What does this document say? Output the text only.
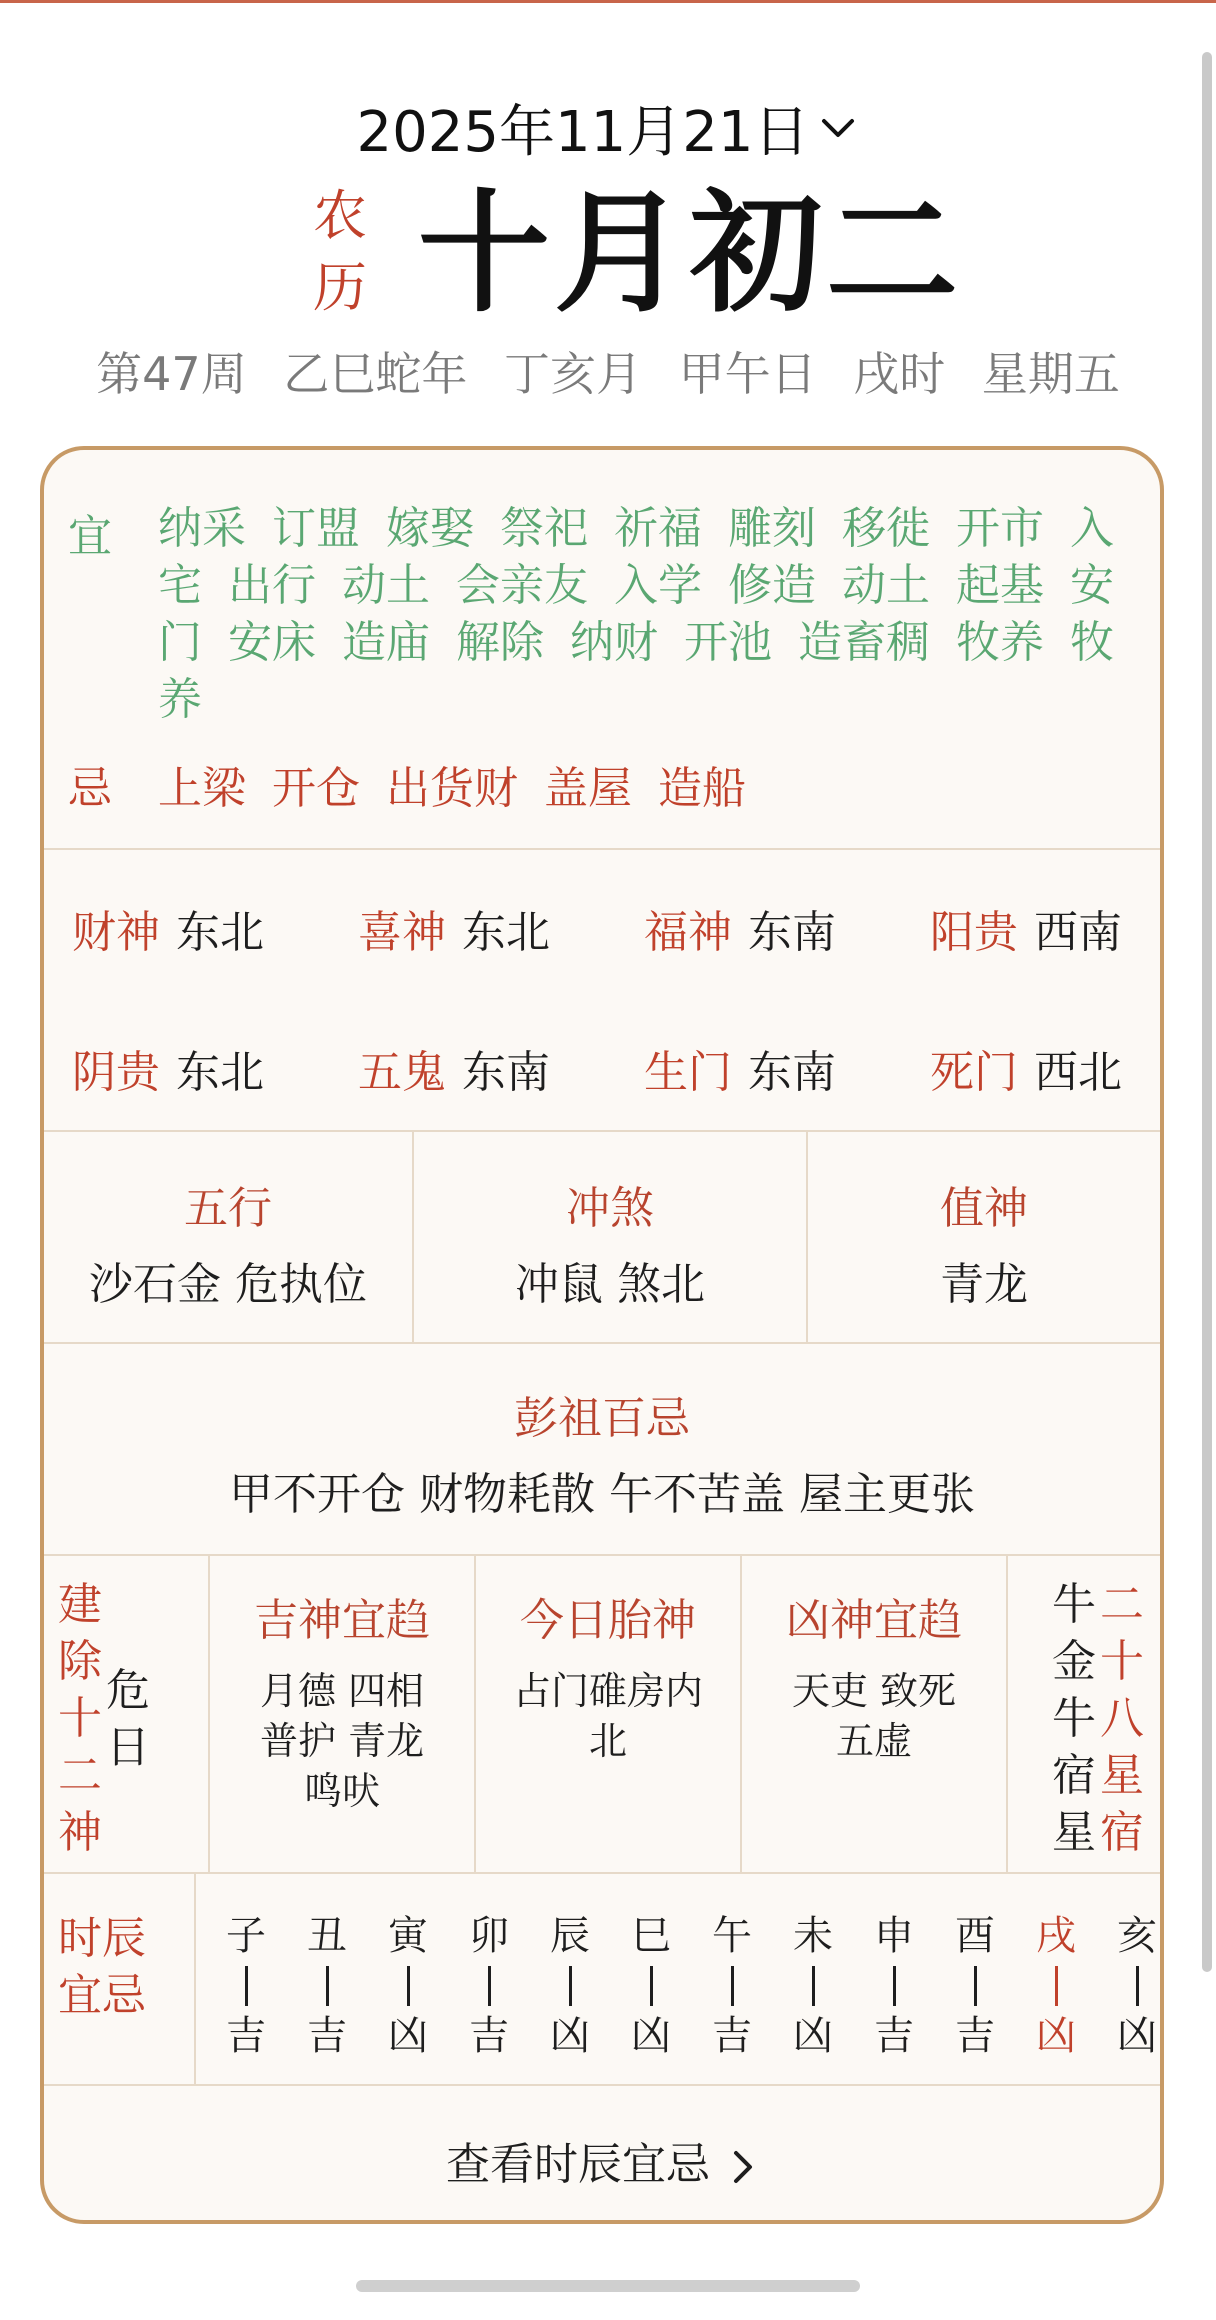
2025年11月21日
农历 十月初二
第47周 乙巳蛇年 丁亥月 甲午日 戌时 星期五
宜	纳采 订盟 嫁娶 祭祀 祈福 雕刻 移徙 开市 入宅 出行 动土 会亲友 入学 修造 动土 起基 安门 安床 造庙 解除 纳财 开池 造畜稠 牧养 牧养
忌	上梁 开仓 出货财 盖屋 造船
财神 东北 喜神 东北 福神 东南 阳贵 西南
阴贵 东北 五鬼 东南 生门 东南 死门 西北
五行
沙石金 危执位
冲煞
冲鼠 煞北
值神
青龙
彭祖百忌
甲不开仓 财物耗散 午不苦盖 屋主更张
建
除
十
二
神
危
日
吉神宜趋
月德 四相 普护 青龙 鸣吠
今日胎神
占门碓房内北
凶神宜趋
天吏 致死 五虚
牛
金
牛
宿
星
二
十
八
星
宿
时辰
宜忌
子
吉
丑
吉
寅
凶
卯
吉
辰
凶
巳
凶
午
吉
未
凶
申
吉
酉
吉
戌
凶
亥
凶
查看时辰宜忌
